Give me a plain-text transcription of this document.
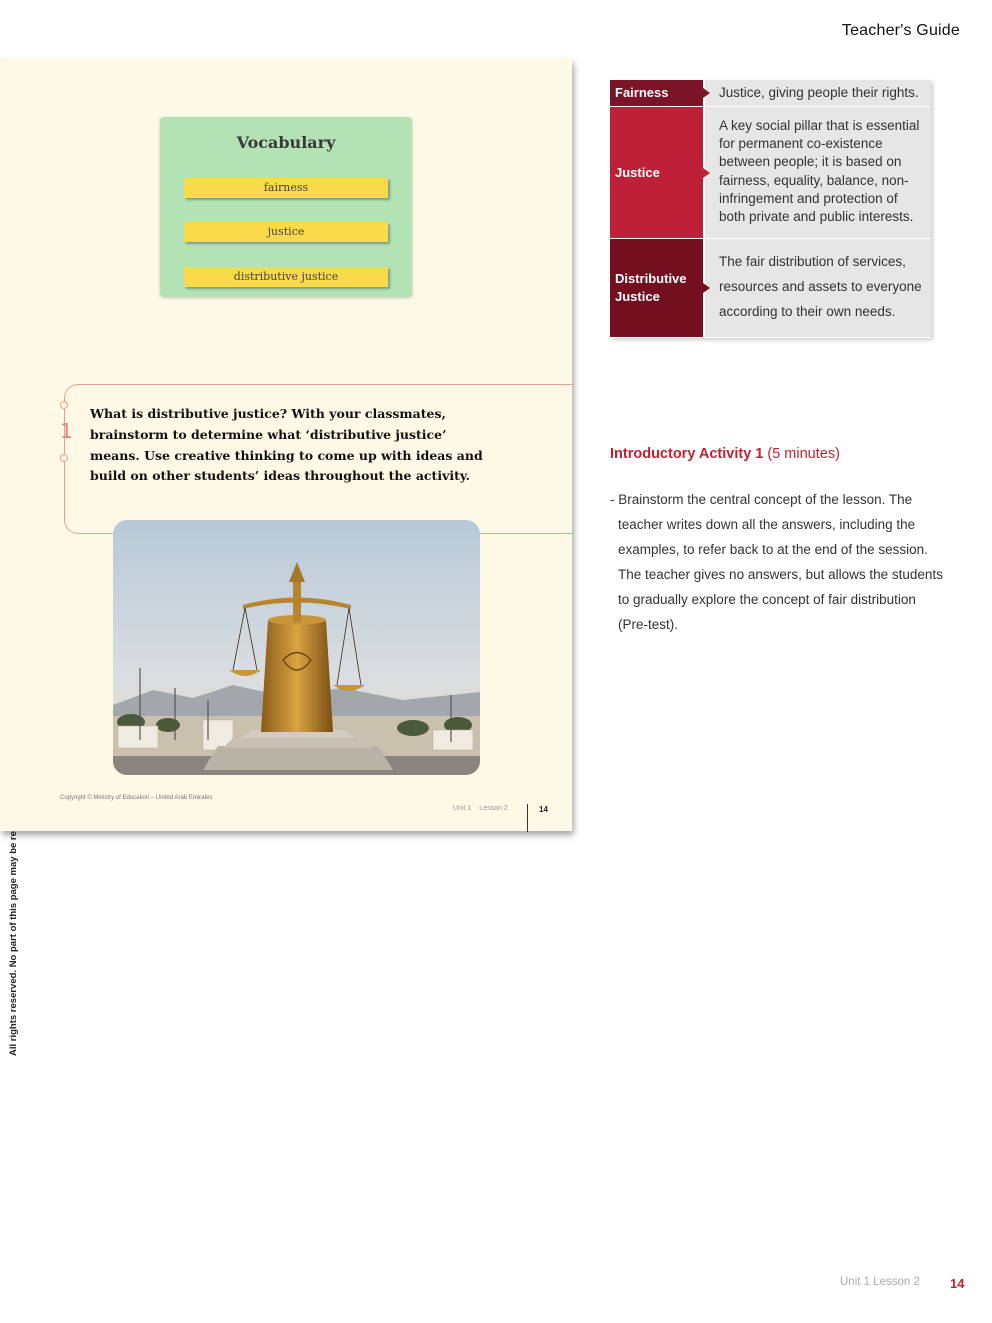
Teacher's Guide
Vocabulary
fairness
justice
distributive justice
1
What is distributive justice? With your classmates, brainstorm to determine what ‘distributive justice’ means. Use creative thinking to come up with ideas and build on other students’ ideas throughout the activity.
Copyright © Ministry of Education – United Arab Emirates
Unit 1 Lesson 2	14
Fairness	Justice, giving people their rights.
Justice
A key social pillar that is essential for permanent co-existence between people; it is based on fairness, equality, balance, non-infringement and protection of both private and public interests.
Distributive Justice
The fair distribution of services, resources and assets to everyone according to their own needs.
Introductory Activity 1 (5 minutes)
- Brainstorm the central concept of the lesson. The teacher writes down all the answers, including the examples, to refer back to at the end of the session. The teacher gives no answers, but allows the students to gradually explore the concept of fair distribution (Pre-test).
Unit 1 Lesson 2 14
